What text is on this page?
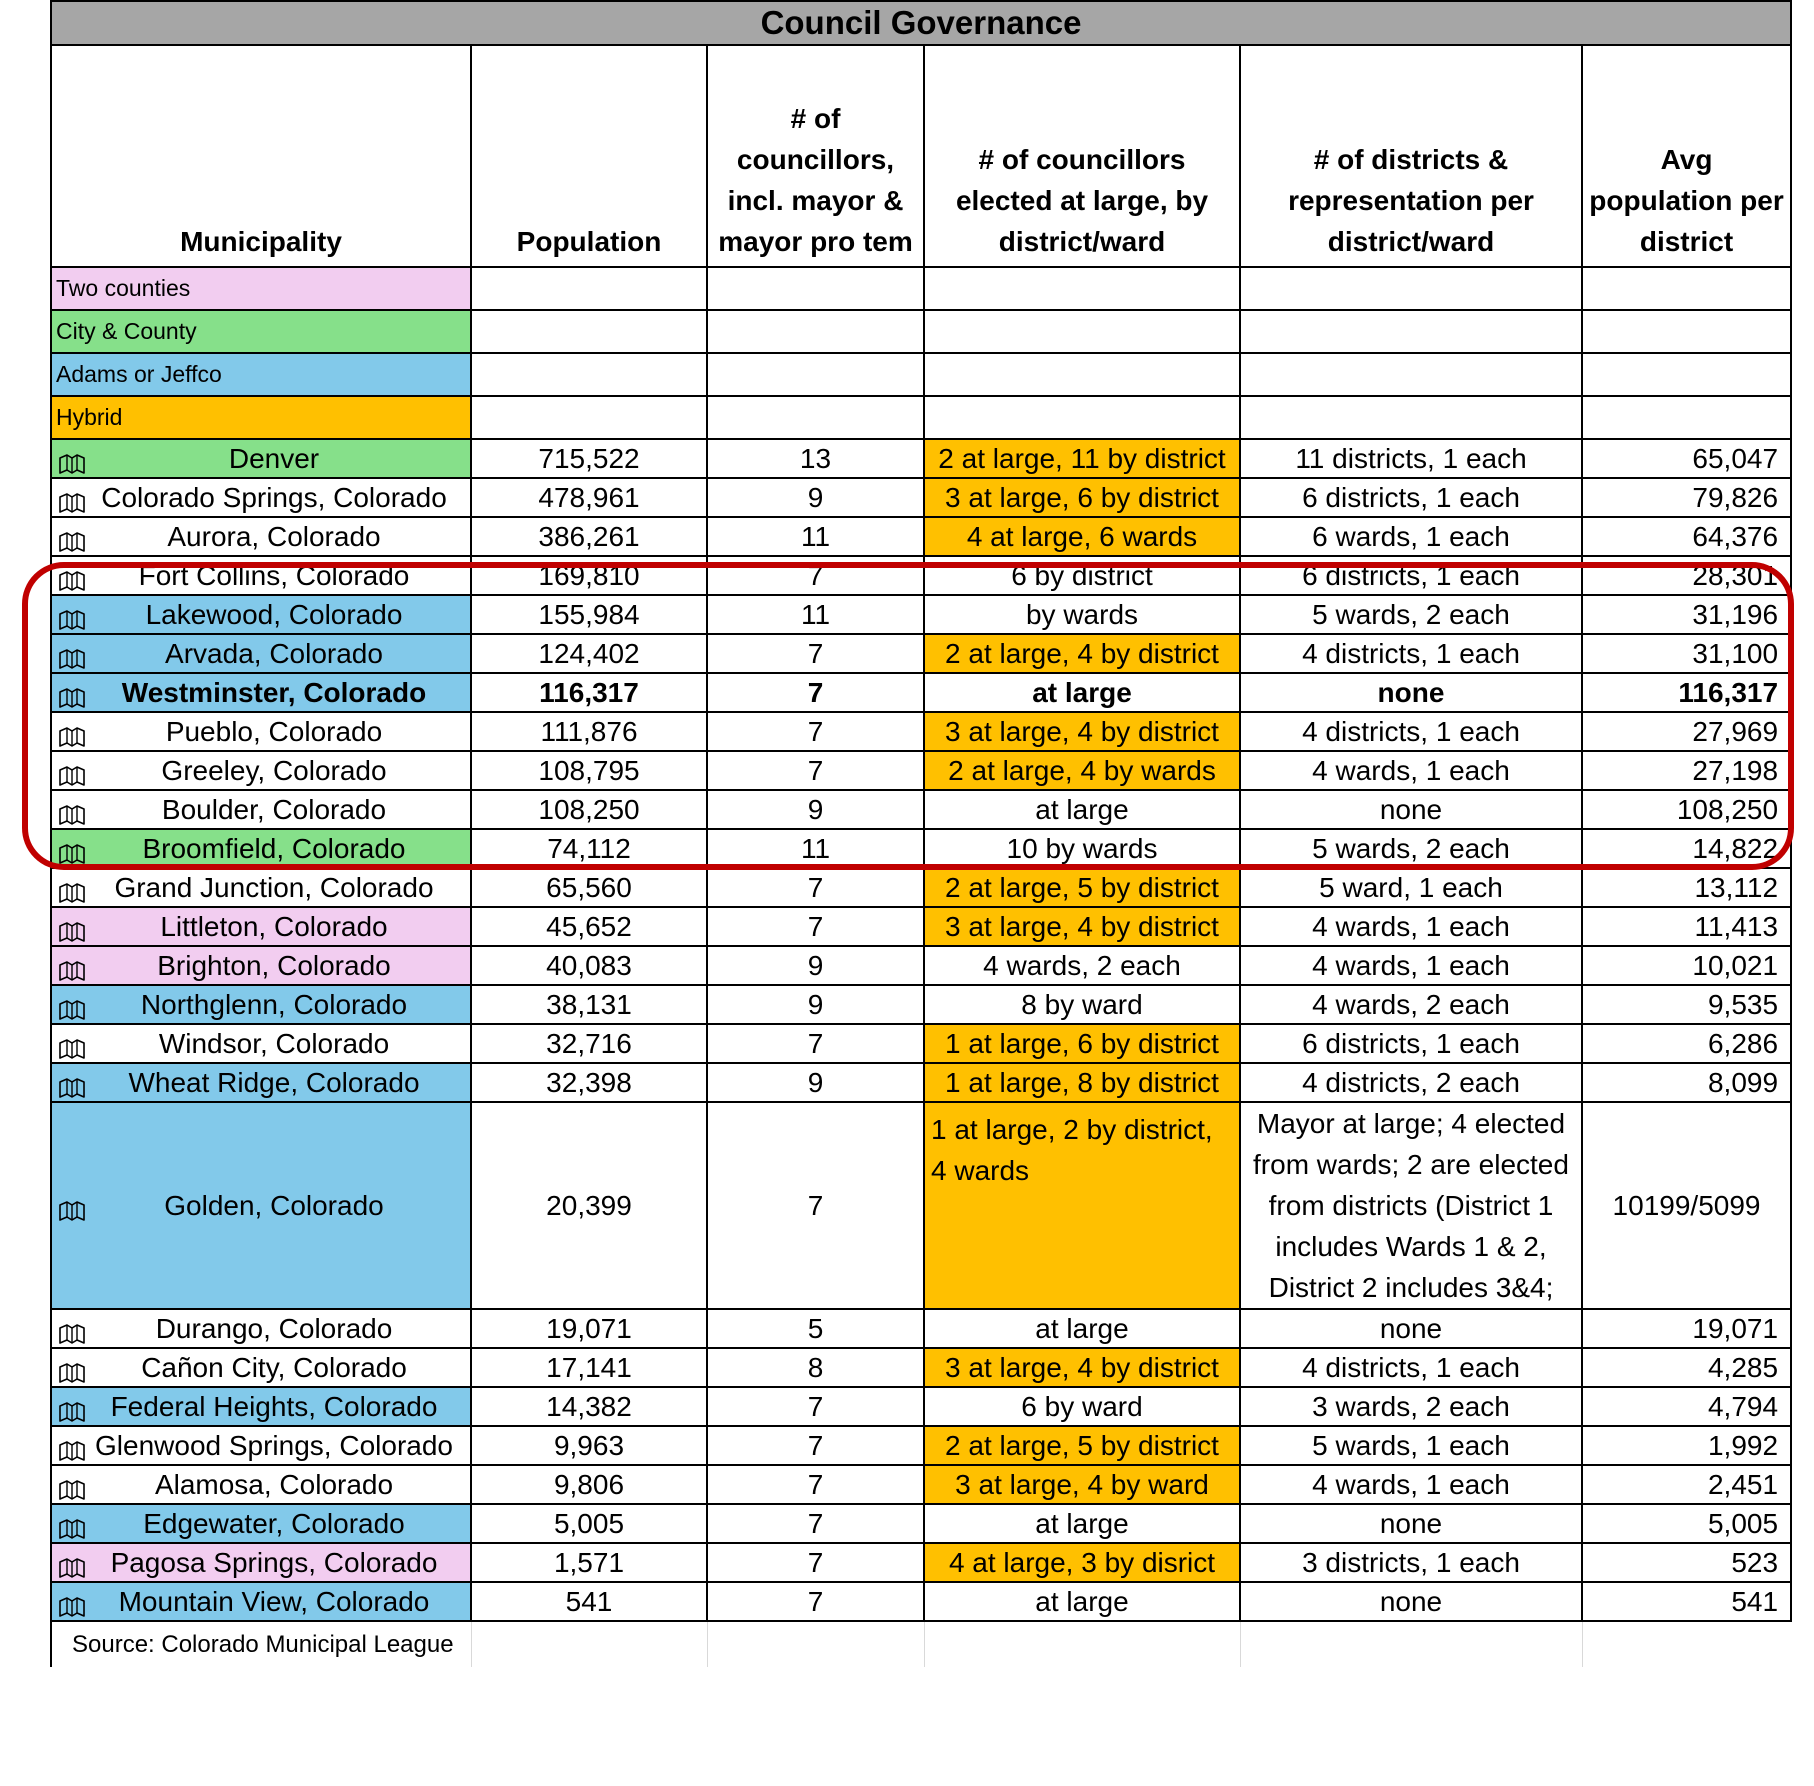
Council Governance					
Municipality	Population	# of councillors, incl. mayor & mayor pro tem	# of councillors elected at large, by district/ward	# of districts & representation per district/ward	Avg population per district
Two counties					
City & County					
Adams or Jeffco					
Hybrid					

Denver	715,522	13	2 at large, 11 by district	11 districts, 1 each	65,047

Colorado Springs, Colorado	478,961	9	3 at large, 6 by district	6 districts, 1 each	79,826

Aurora, Colorado	386,261	11	4 at large, 6 wards	6 wards, 1 each	64,376

Fort Collins, Colorado	169,810	7	6 by district	6 districts, 1 each	28,301

Lakewood, Colorado	155,984	11	by wards	5 wards, 2 each	31,196

Arvada, Colorado	124,402	7	2 at large, 4 by district	4 districts, 1 each	31,100

Westminster, Colorado	116,317	7	at large	none	116,317

Pueblo, Colorado	111,876	7	3 at large, 4 by district	4 districts, 1 each	27,969

Greeley, Colorado	108,795	7	2 at large, 4 by wards	4 wards, 1 each	27,198

Boulder, Colorado	108,250	9	at large	none	108,250

Broomfield, Colorado	74,112	11	10 by wards	5 wards, 2 each	14,822

Grand Junction, Colorado	65,560	7	2 at large, 5 by district	5 ward, 1 each	13,112

Littleton, Colorado	45,652	7	3 at large, 4 by district	4 wards, 1 each	11,413

Brighton, Colorado	40,083	9	4 wards, 2 each	4 wards, 1 each	10,021

Northglenn, Colorado	38,131	9	8 by ward	4 wards, 2 each	9,535

Windsor, Colorado	32,716	7	1 at large, 6 by district	6 districts, 1 each	6,286

Wheat Ridge, Colorado	32,398	9	1 at large, 8 by district	4 districts, 2 each	8,099

Golden, Colorado	20,399	7	1 at large, 2 by district, 4 wards	Mayor at large; 4 elected from wards; 2 are elected from districts (District 1 includes Wards 1 & 2, District 2 includes 3&4;	10199/5099

Durango, Colorado	19,071	5	at large	none	19,071

Cañon City, Colorado	17,141	8	3 at large, 4 by district	4 districts, 1 each	4,285

Federal Heights, Colorado	14,382	7	6 by ward	3 wards, 2 each	4,794

Glenwood Springs, Colorado	9,963	7	2 at large, 5 by district	5 wards, 1 each	1,992

Alamosa, Colorado	9,806	7	3 at large, 4 by ward	4 wards, 1 each	2,451

Edgewater, Colorado	5,005	7	at large	none	5,005

Pagosa Springs, Colorado	1,571	7	4 at large, 3 by disrict	3 districts, 1 each	523

Mountain View, Colorado	541	7	at large	none	541
Source: Colorado Municipal League					
